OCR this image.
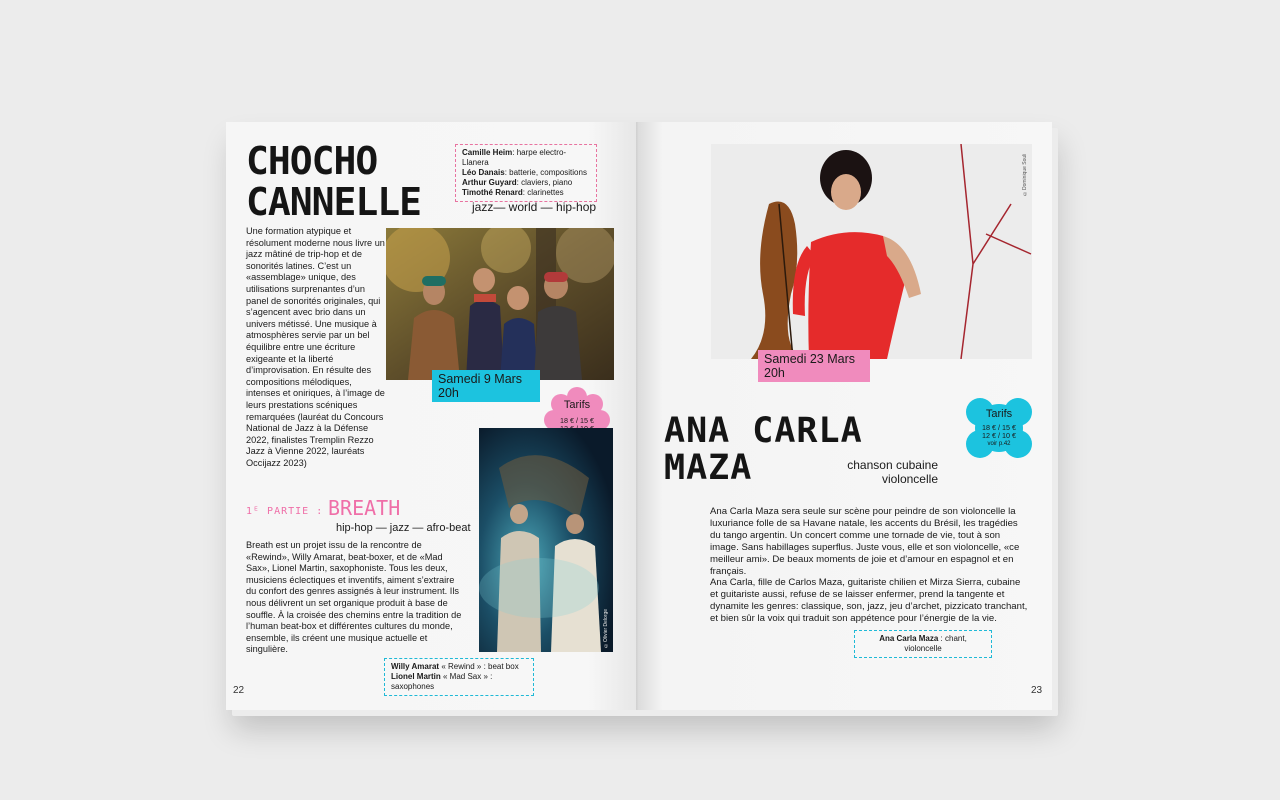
CHOCHO
CANNELLE
Camille Heim: harpe electro-Llanera
Léo Danais: batterie, compositions
Arthur Guyard: claviers, piano
Timothé Renard: clarinettes
jazz— world — hip-hop

Une formation atypique et résolument moderne nous livre un jazz mâtiné de trip-hop et de sonorités latines. C’est un «assemblage» unique, des utilisations surprenantes d’un panel de sonorités originales, qui s’agencent avec brio dans un univers métissé. Une musique à atmosphères servie par un bel équilibre entre une écriture exigeante et la liberté d’improvisation. En résulte des compositions mélodiques, intenses et oniriques, à l’image de leurs prestations scéniques remarquées (lauréat du Concours National de Jazz à la Défense 2022, finalistes Tremplin Rezzo Jazz à Vienne 2022, lauréats Occijazz 2023)

Samedi 9 Mars
20h
Tarifs
18 € / 15 €
©Olivier Delorge
1ᴱ PARTIE : BREATH
hip-hop — jazz — afro-beat

Breath est un projet issu de la rencontre de «Rewind», Willy Amarat, beat-boxer, et de «Mad Sax», Lionel Martin, saxophoniste. Tous les deux, musiciens éclectiques et inventifs, aiment s’extraire du confort des genres assignés à leur instrument. Ils nous délivrent un set organique produit à base de souffle. À la croisée des chemins entre la tradition de l’human beat-box et différentes cultures du monde, ensemble, ils créent une musique actuelle et singulière.

Willy Amarat « Rewind » : beat box
Lionel Martin « Mad Sax » : saxophones
22
©Dominique Souli
Samedi 23 Mars
20h
Tarifs
18 € / 15 €
12 € / 10 €
voir p.42
ANA CARLA
MAZA	chanson cubaine
violoncelle

Ana Carla Maza sera seule sur scène pour peindre de son violoncelle la luxuriance folle de sa Havane natale, les accents du Brésil, les tragédies du tango argentin. Un concert comme une tornade de vie, tout à son image. Sans habillages superflus. Juste vous, elle et son violoncelle, «ce meilleur ami». De beaux moments de joie et d’amour en espagnol et en français.
Ana Carla, fille de Carlos Maza, guitariste chilien et Mirza Sierra, cubaine et guitariste aussi, refuse de se laisser enfermer, prend la tangente et dynamite les genres: classique, son, jazz, jeu d’archet, pizzicato tranchant, et bien sûr la voix qui traduit son appétence pour l’énergie de la vie.

Ana Carla Maza : chant, violoncelle
23
